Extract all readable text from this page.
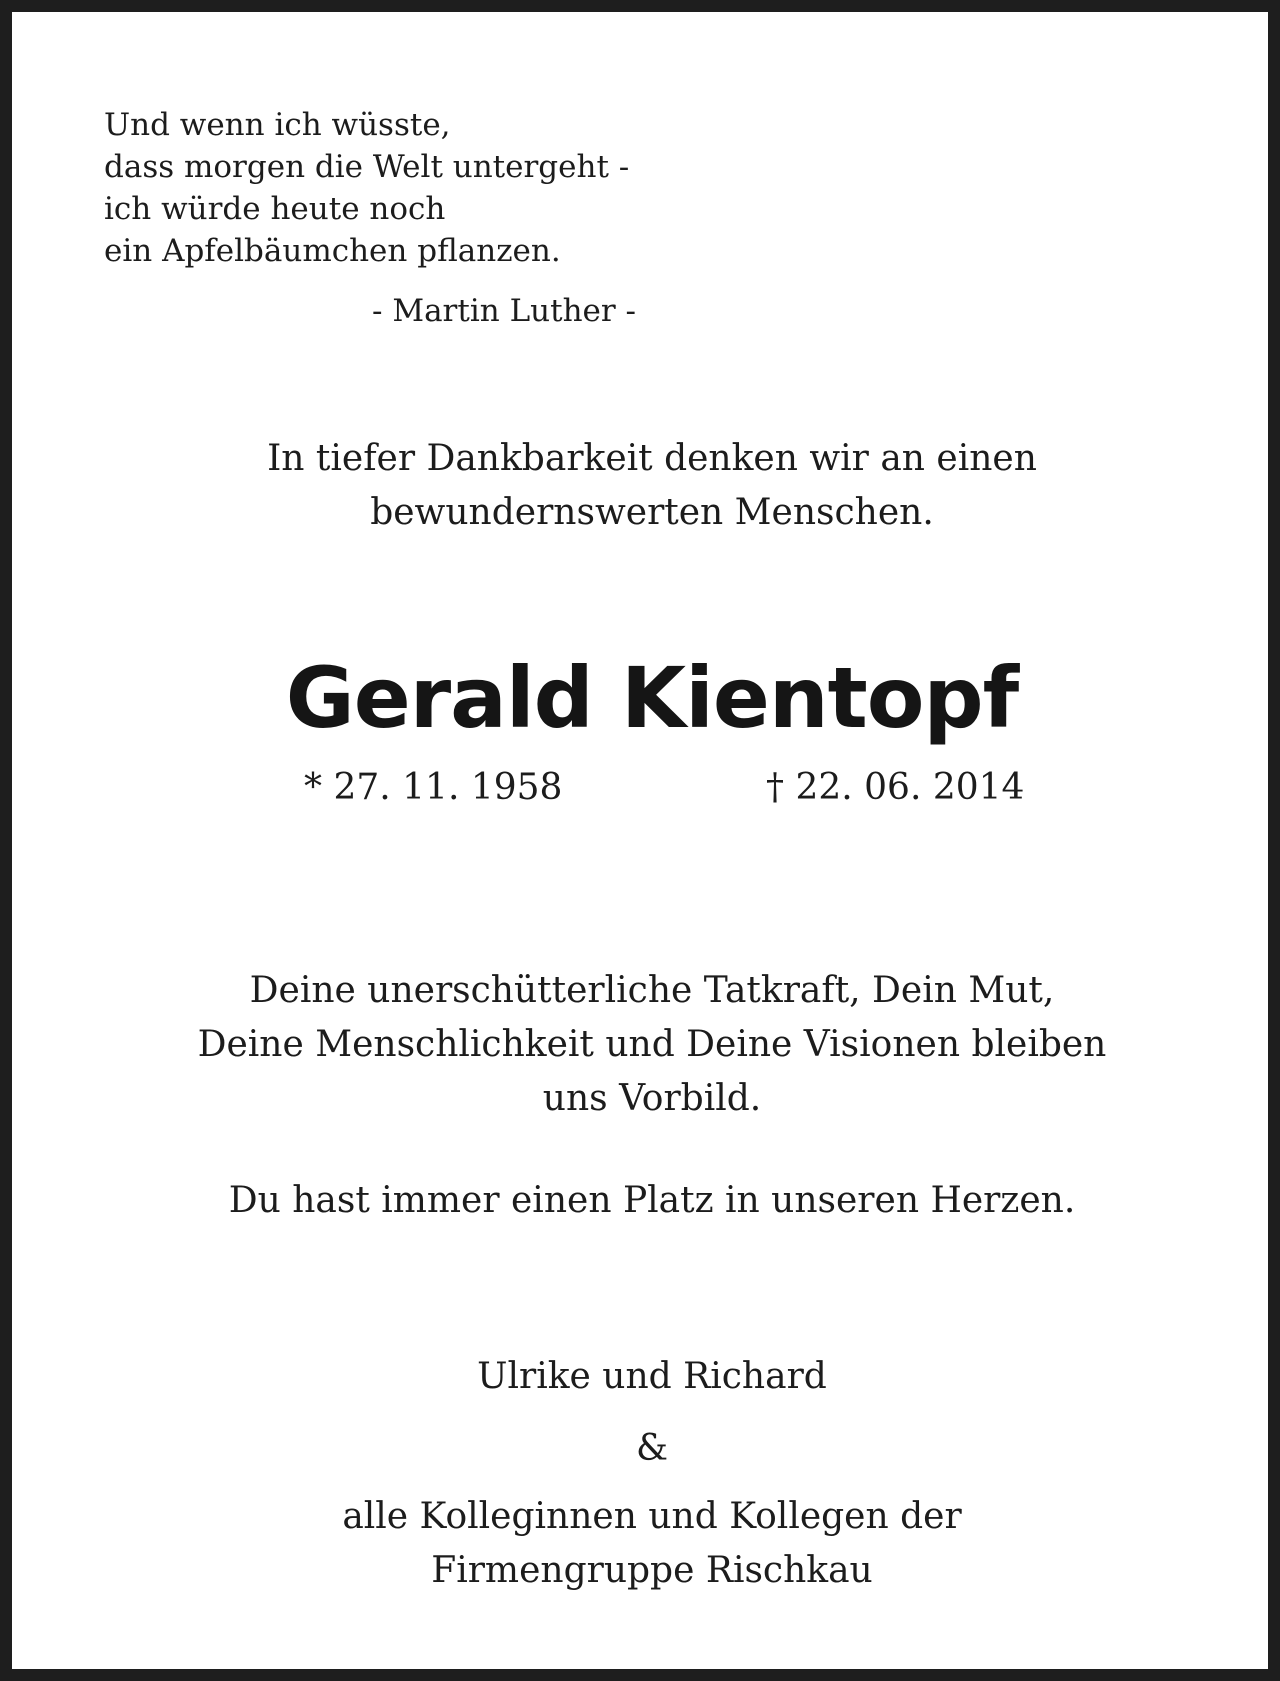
Und wenn ich wüsste,
dass morgen die Welt untergeht -
ich würde heute noch
ein Apfelbäumchen pflanzen.
- Martin Luther -
In tiefer Dankbarkeit denken wir an einen
bewundernswerten Menschen.
Gerald Kientopf
* 27. 11. 1958	† 22. 06. 2014
Deine unerschütterliche Tatkraft, Dein Mut,
Deine Menschlichkeit und Deine Visionen bleiben
uns Vorbild.
Du hast immer einen Platz in unseren Herzen.
Ulrike und Richard
&
alle Kolleginnen und Kollegen der
Firmengruppe Rischkau
